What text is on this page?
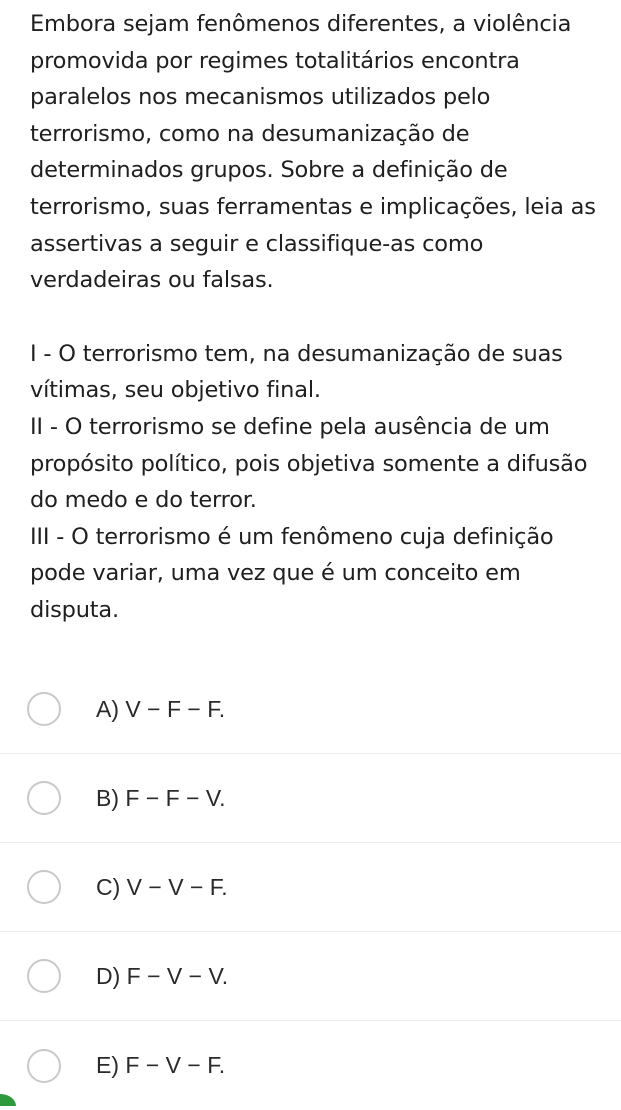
Embora sejam fenômenos diferentes, a violência promovida por regimes totalitários encontra paralelos nos mecanismos utilizados pelo terrorismo, como na desumanização de determinados grupos. Sobre a definição de terrorismo, suas ferramentas e implicações, leia as assertivas a seguir e classifique-as como verdadeiras ou falsas.

I - O terrorismo tem, na desumanização de suas vítimas, seu objetivo final.

II - O terrorismo se define pela ausência de um propósito político, pois objetiva somente a difusão do medo e do terror.

III - O terrorismo é um fenômeno cuja definição pode variar, uma vez que é um conceito em disputa.

A) V − F − F.
B) F − F − V.
C) V − V − F.
D) F − V − V.
E) F − V − F.
